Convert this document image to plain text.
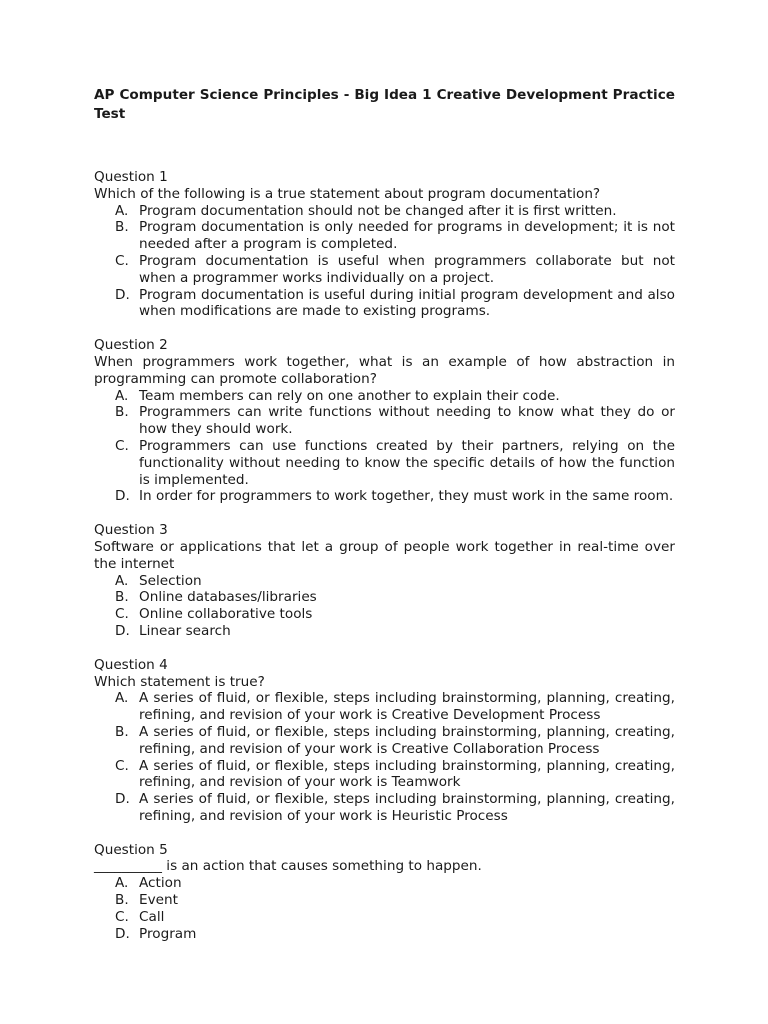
AP Computer Science Principles - Big Idea 1 Creative Development Practice Test
Question 1
Which of the following is a true statement about program documentation?
A. Program documentation should not be changed after it is first written.
B. Program documentation is only needed for programs in development; it is not needed after a program is completed.
C. Program documentation is useful when programmers collaborate but not when a programmer works individually on a project.
D. Program documentation is useful during initial program development and also when modifications are made to existing programs.
Question 2
When programmers work together, what is an example of how abstraction in programming can promote collaboration?
A. Team members can rely on one another to explain their code.
B. Programmers can write functions without needing to know what they do or how they should work.
C. Programmers can use functions created by their partners, relying on the functionality without needing to know the specific details of how the function is implemented.
D. In order for programmers to work together, they must work in the same room.
Question 3
Software or applications that let a group of people work together in real-time over the internet
A. Selection
B. Online databases/libraries
C. Online collaborative tools
D. Linear search
Question 4
Which statement is true?
A. A series of fluid, or flexible, steps including brainstorming, planning, creating, refining, and revision of your work is Creative Development Process
B. A series of fluid, or flexible, steps including brainstorming, planning, creating, refining, and revision of your work is Creative Collaboration Process
C. A series of fluid, or flexible, steps including brainstorming, planning, creating, refining, and revision of your work is Teamwork
D. A series of fluid, or flexible, steps including brainstorming, planning, creating, refining, and revision of your work is Heuristic Process
Question 5
__________ is an action that causes something to happen.
A. Action
B. Event
C. Call
D. Program
